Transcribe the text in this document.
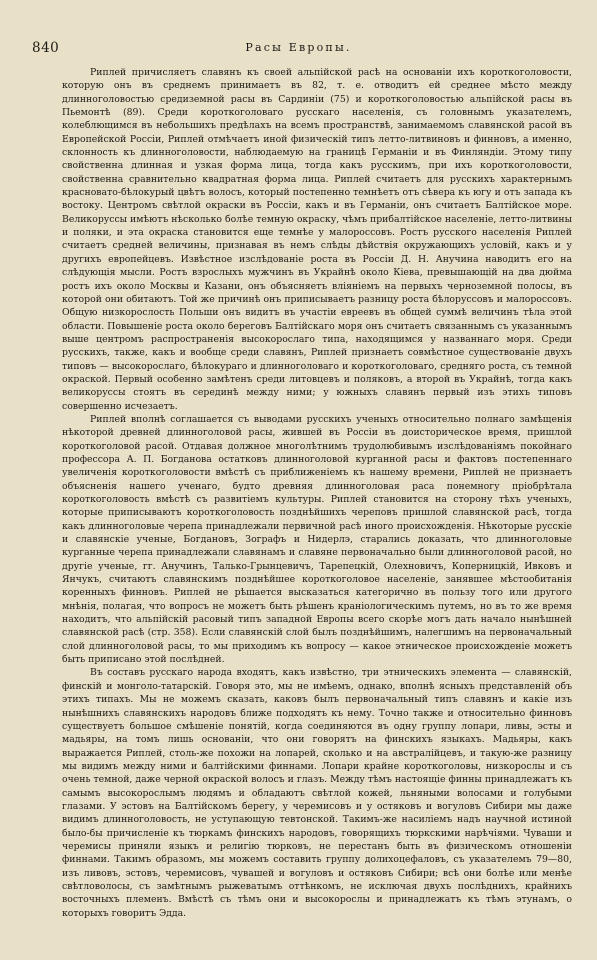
840	Расы Европы.

Риплей причисляетъ славянъ къ своей альпійской расѣ на основаніи ихъ короткоголовости, которую онъ въ среднемъ принимаетъ въ 82, т. е. отводитъ ей среднее мѣсто между длинноголовостью средиземной расы въ Сардиніи (75) и короткоголовостью альпійской расы въ Пьемонтѣ (89). Среди короткоголоваго русскаго населенія, съ головнымъ указателемъ, колеблющимся въ небольшихъ предѣлахъ на всемъ пространствѣ, занимаемомъ славянской расой въ Европейской Россіи, Риплей отмѣчаетъ иной физическій типъ летто-литвиновъ и финновъ, а именно, склонность къ длинноголовости, наблюдаемую на границѣ Германіи и въ Финляндіи. Этому типу свойственна длинная и узкая форма лица, тогда какъ русскимъ, при ихъ короткоголовости, свойственна сравнительно квадратная форма лица. Риплей считаетъ для русскихъ характернымъ красновато-бѣлокурый цвѣтъ волосъ, который постепенно темнѣетъ отъ сѣвера къ югу и отъ запада къ востоку. Центромъ свѣтлой окраски въ Россіи, какъ и въ Германіи, онъ считаетъ Балтійское море. Великоруссы имѣютъ нѣсколько болѣе темную окраску, чѣмъ прибалтійское населеніе, летто-литвины и поляки, и эта окраска становится еще темнѣе у малороссовъ. Ростъ русского населенія Риплей считаетъ средней величины, признавая въ немъ слѣды дѣйствія окружающихъ условій, какъ и у другихъ европейцевъ. Извѣстное изслѣдованіе роста въ Россіи Д. Н. Анучина наводитъ его на слѣдующія мысли. Ростъ взрослыхъ мужчинъ въ Украйнѣ около Кіева, превышающій на два дюйма ростъ ихъ около Москвы и Казани, онъ объясняетъ вліяніемъ на первыхъ черноземной полосы, въ которой они обитаютъ. Той же причинѣ онъ приписываетъ разницу роста бѣлоруссовъ и малороссовъ. Общую низкорослость Польши онъ видитъ въ участіи евреевъ въ общей суммѣ величинъ тѣла этой области. Повышеніе роста около береговъ Балтійскаго моря онъ считаетъ связаннымъ съ указаннымъ выше центромъ распространенія высокорослаго типа, находящимся у названнаго моря. Среди русскихъ, также, какъ и вообще среди славянъ, Риплей признаетъ совмѣстное существованіе двухъ типовъ — высокорослаго, бѣлокураго и длинноголоваго и короткоголоваго, средняго роста, съ темной окраской. Первый особенно замѣтенъ среди литовцевъ и поляковъ, а второй въ Украйнѣ, тогда какъ великоруссы стоятъ въ серединѣ между ними; у южныхъ славянъ первый изъ этихъ типовъ совершенно исчезаетъ.

Риплей вполнѣ соглашается съ выводами русскихъ ученыхъ относительно полнаго замѣщенія нѣкоторой древней длинноголовой расы, жившей въ Россіи въ доисторическое время, пришлой короткоголовой расой. Отдавая должное многолѣтнимъ трудолюбивымъ изслѣдованіямъ покойнаго профессора А. П. Богданова остатковъ длинноголовой курганной расы и фактовъ постепеннаго увеличенія короткоголовости вмѣстѣ съ приближеніемъ къ нашему времени, Риплей не признаетъ объясненія нашего ученаго, будто древняя длинноголовая раса понемногу пріобрѣтала короткоголовость вмѣстѣ съ развитіемъ культуры. Риплей становится на сторону тѣхъ ученыхъ, которые приписываютъ короткоголовость позднѣйшихъ череповъ пришлой славянской расѣ, тогда какъ длинноголовые черепа принадлежали первичной расѣ иного происхожденія. Нѣкоторые русскіе и славянскіе ученые, Богдановъ, Зографъ и Нидерлэ, старались доказать, что длинноголовые курганные черепа принадлежали славянамъ и славяне первоначально были длинноголовой расой, но другіе ученые, гг. Анучинъ, Талько-Грынцевичъ, Тарепецкій, Олехновичъ, Коперницкій, Ивковъ и Янчукъ, считаютъ славянскимъ позднѣйшее короткоголовое населеніе, занявшее мѣстообитанія коренныхъ финновъ. Риплей не рѣшается высказаться категорично въ пользу того или другого мнѣнія, полагая, что вопросъ не можетъ быть рѣшенъ краніологическимъ путемъ, но въ то же время находитъ, что альпійскій расовый типъ западной Европы всего скорѣе могъ дать начало нынѣшней славянской расѣ (стр. 358). Если славянскій слой былъ позднѣйшимъ, налегшимъ на первоначальный слой длинноголовой расы, то мы приходимъ къ вопросу — какое этническое происхожденіе можетъ быть приписано этой послѣдней.

Въ составъ русскаго народа входятъ, какъ извѣстно, три этническихъ элемента — славянскій, финскій и монголо-татарскій. Говоря это, мы не имѣемъ, однако, вполнѣ ясныхъ представленій объ этихъ типахъ. Мы не можемъ сказать, каковъ былъ первоначальный типъ славянъ и какіе изъ нынѣшнихъ славянскихъ народовъ ближе подходятъ къ нему. Точно также и относительно финновъ существуетъ большое смѣшеніе понятій, когда соединяются въ одну группу лопари, ливы, эсты и мадьяры, на томъ лишь основаніи, что они говорятъ на финскихъ языкахъ. Мадьяры, какъ выражается Риплей, столь-же похожи на лопарей, сколько и на австралійцевъ, и такую-же разницу мы видимъ между ними и балтійскими финнами. Лопари крайне короткоголовы, низкорослы и съ очень темной, даже черной окраской волосъ и глазъ. Между тѣмъ настоящіе финны принадлежатъ къ самымъ высокорослымъ людямъ и обладаютъ свѣтлой кожей, льняными волосами и голубыми глазами. У эстовъ на Балтійскомъ берегу, у черемисовъ и у остяковъ и вогуловъ Сибири мы даже видимъ длинноголовость, не уступающую тевтонской. Такимъ-же насиліемъ надъ научной истиной было-бы причисленіе къ тюркамъ финскихъ народовъ, говорящихъ тюркскими нарѣчіями. Чуваши и черемисы приняли языкъ и религію тюрковъ, не перестанъ быть въ физическомъ отношеніи финнами. Такимъ образомъ, мы можемъ составить группу долихоцефаловъ, съ указателемъ 79—80, изъ ливовъ, эстовъ, черемисовъ, чувашей и вогуловъ и остяковъ Сибири; всѣ они болѣе или менѣе свѣтловолосы, съ замѣтнымъ рыжеватымъ оттѣнкомъ, не исключая двухъ послѣднихъ, крайнихъ восточныхъ племенъ. Вмѣстѣ съ тѣмъ они и высокорослы и принадлежатъ къ тѣмъ этунамъ, о которыхъ говоритъ Эдда.
